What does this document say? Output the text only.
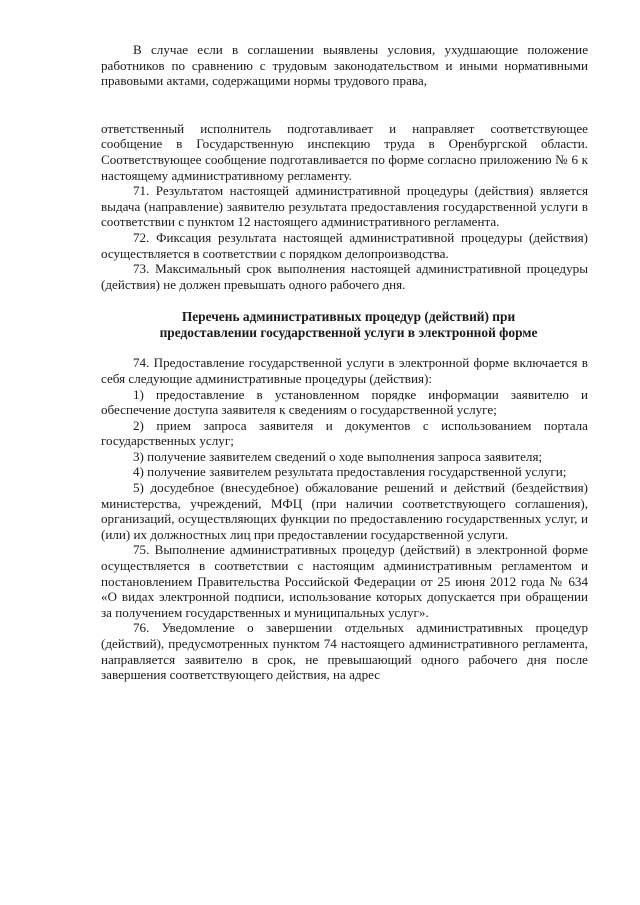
В случае если в соглашении выявлены условия, ухудшающие положение работников по сравнению с трудовым законодательством и иными нормативными правовыми актами, содержащими нормы трудового права,

ответственный исполнитель подготавливает и направляет соответствующее сообщение в Государственную инспекцию труда в Оренбургской области. Соответствующее сообщение подготавливается по форме согласно приложению № 6 к настоящему административному регламенту.

71. Результатом настоящей административной процедуры (действия) является выдача (направление) заявителю результата предоставления государственной услуги в соответствии с пунктом 12 настоящего административного регламента.

72. Фиксация результата настоящей административной процедуры (действия) осуществляется в соответствии с порядком делопроизводства.

73. Максимальный срок выполнения настоящей административной процедуры (действия) не должен превышать одного рабочего дня.

Перечень административных процедур (действий) при
предоставлении государственной услуги в электронной форме

74. Предоставление государственной услуги в электронной форме включается в себя следующие административные процедуры (действия):

1) предоставление в установленном порядке информации заявителю и обеспечение доступа заявителя к сведениям о государственной услуге;

2) прием запроса заявителя и документов с использованием портала государственных услуг;

3) получение заявителем сведений о ходе выполнения запроса заявителя;

4) получение заявителем результата предоставления государственной услуги;

5) досудебное (внесудебное) обжалование решений и действий (бездействия) министерства, учреждений, МФЦ (при наличии соответствующего соглашения), организаций, осуществляющих функции по предоставлению государственных услуг, и (или) их должностных лиц при предоставлении государственной услуги.

75. Выполнение административных процедур (действий) в электронной форме осуществляется в соответствии с настоящим административным регламентом и постановлением Правительства Российской Федерации от 25 июня 2012 года № 634 «О видах электронной подписи, использование которых допускается при обращении за получением государственных и муниципальных услуг».

76. Уведомление о завершении отдельных административных процедур (действий), предусмотренных пунктом 74 настоящего административного регламента, направляется заявителю в срок, не превышающий одного рабочего дня после завершения соответствующего действия, на адрес
